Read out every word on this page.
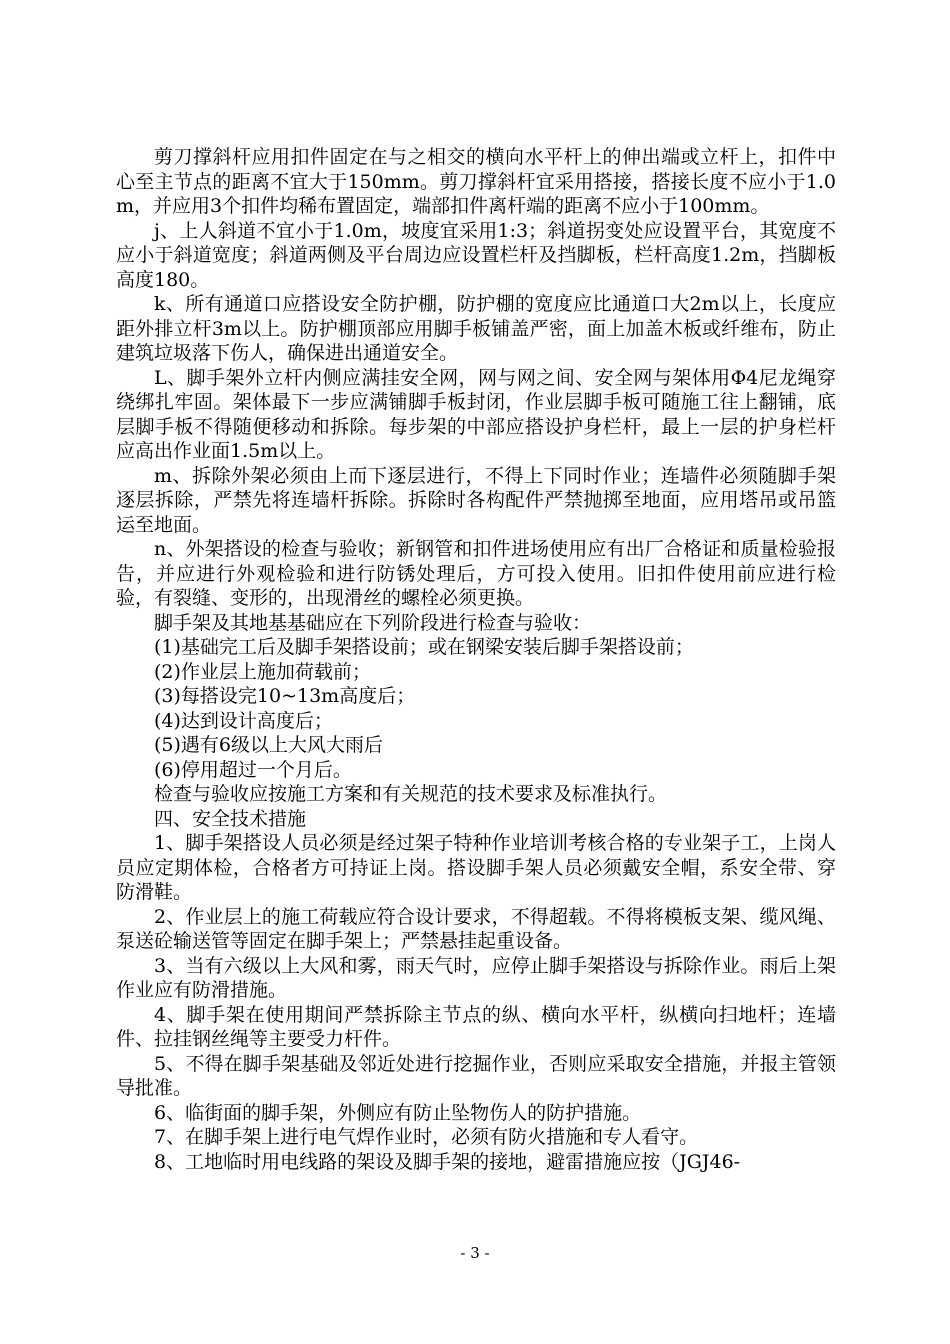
剪刀撑斜杆应用扣件固定在与之相交的横向水平杆上的伸出端或立杆上，扣件中心至主节点的距离不宜大于150mm。剪刀撑斜杆宜采用搭接，搭接长度不应小于1.0m，并应用3个扣件均稀布置固定，端部扣件离杆端的距离不应小于100mm。

j、上人斜道不宜小于1.0m，坡度宜采用1:3；斜道拐变处应设置平台，其宽度不应小于斜道宽度；斜道两侧及平台周边应设置栏杆及挡脚板，栏杆高度1.2m，挡脚板高度180。

k、所有通道口应搭设安全防护棚，防护棚的宽度应比通道口大2m以上，长度应距外排立杆3m以上。防护棚顶部应用脚手板铺盖严密，面上加盖木板或纤维布，防止建筑垃圾落下伤人，确保进出通道安全。

L、脚手架外立杆内侧应满挂安全网，网与网之间、安全网与架体用Φ4尼龙绳穿绕绑扎牢固。架体最下一步应满铺脚手板封闭，作业层脚手板可随施工往上翻铺，底层脚手板不得随便移动和拆除。每步架的中部应搭设护身栏杆，最上一层的护身栏杆应高出作业面1.5m以上。

m、拆除外架必须由上而下逐层进行，不得上下同时作业；连墙件必须随脚手架逐层拆除，严禁先将连墙杆拆除。拆除时各构配件严禁抛掷至地面，应用塔吊或吊篮运至地面。

n、外架搭设的检查与验收；新钢管和扣件进场使用应有出厂合格证和质量检验报告，并应进行外观检验和进行防锈处理后，方可投入使用。旧扣件使用前应进行检验，有裂缝、变形的，出现滑丝的螺栓必须更换。

脚手架及其地基基础应在下列阶段进行检查与验收：

(1)基础完工后及脚手架搭设前；或在钢梁安装后脚手架搭设前；

(2)作业层上施加荷载前；

(3)每搭设完10~13m高度后；

(4)达到设计高度后；

(5)遇有6级以上大风大雨后

(6)停用超过一个月后。

检查与验收应按施工方案和有关规范的技术要求及标准执行。

四、安全技术措施

1、脚手架搭设人员必须是经过架子特种作业培训考核合格的专业架子工，上岗人员应定期体检，合格者方可持证上岗。搭设脚手架人员必须戴安全帽，系安全带、穿防滑鞋。

2、作业层上的施工荷载应符合设计要求，不得超载。不得将模板支架、缆风绳、泵送砼输送管等固定在脚手架上；严禁悬挂起重设备。

3、当有六级以上大风和雾，雨天气时，应停止脚手架搭设与拆除作业。雨后上架作业应有防滑措施。

4、脚手架在使用期间严禁拆除主节点的纵、横向水平杆，纵横向扫地杆；连墙件、拉挂钢丝绳等主要受力杆件。

5、不得在脚手架基础及邻近处进行挖掘作业，否则应采取安全措施，并报主管领导批准。

6、临街面的脚手架，外侧应有防止坠物伤人的防护措施。

7、在脚手架上进行电气焊作业时，必须有防火措施和专人看守。

8、工地临时用电线路的架设及脚手架的接地，避雷措施应按（JGJ46-

- 3 -
